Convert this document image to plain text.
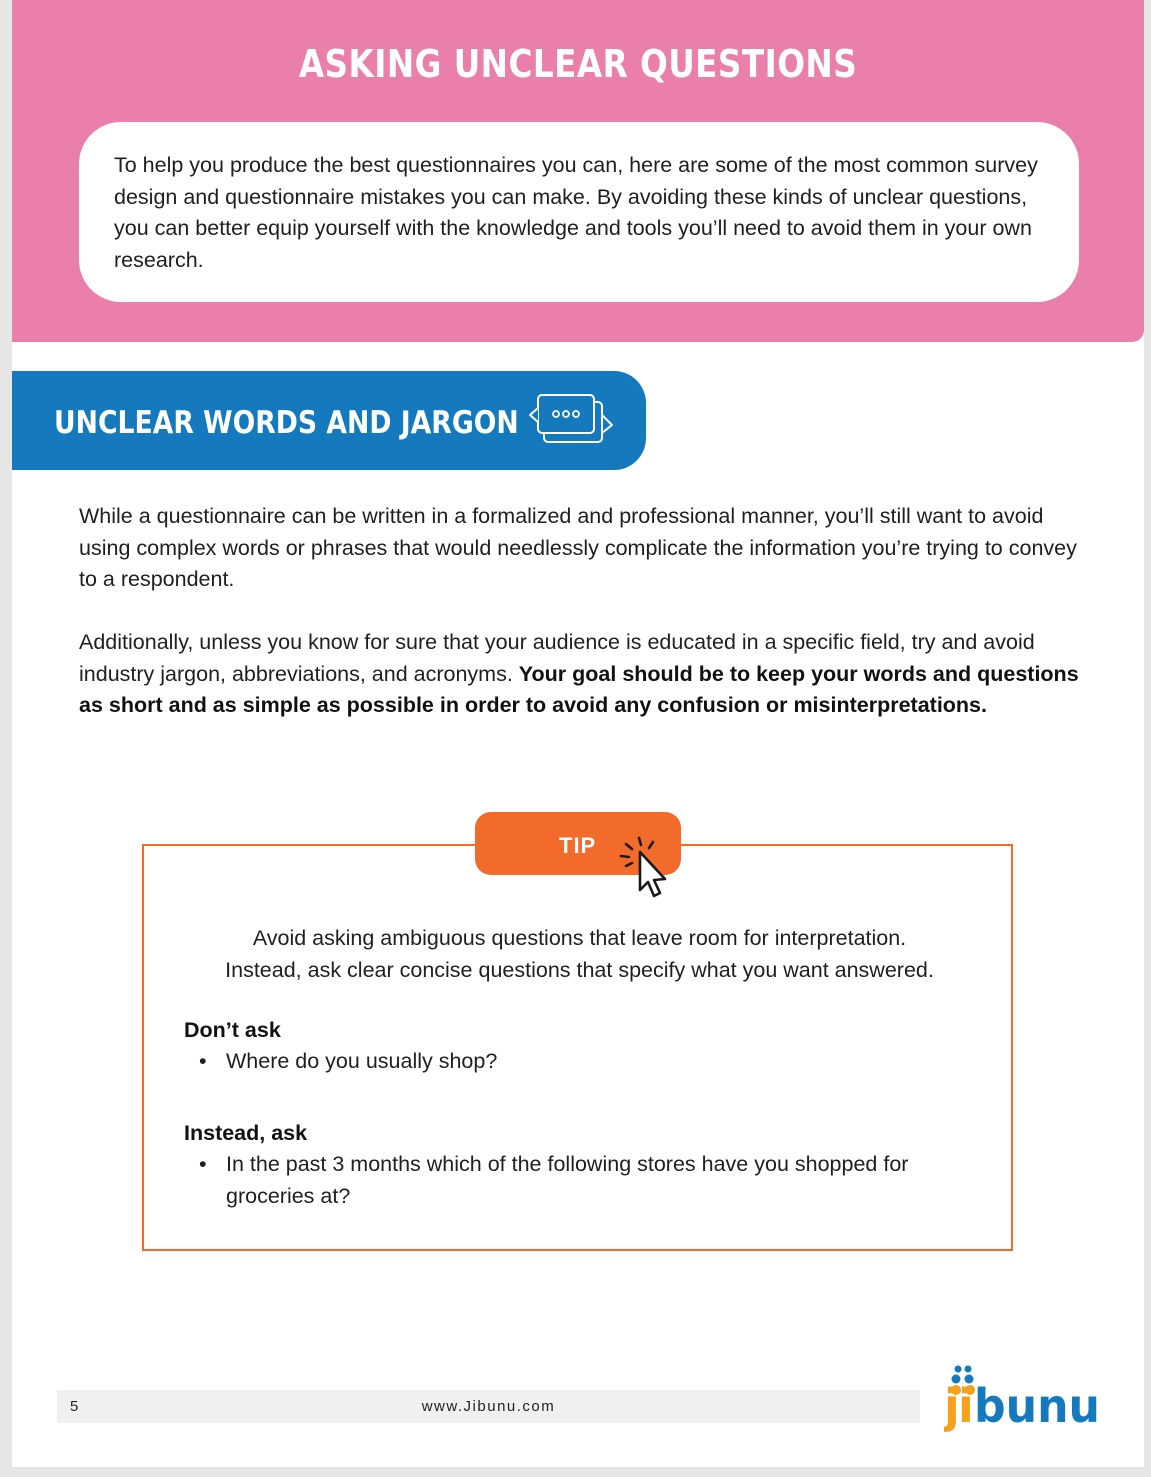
ASKING UNCLEAR QUESTIONS

To help you produce the best questionnaires you can, here are some of the most common survey design and questionnaire mistakes you can make. By avoiding these kinds of unclear questions, you can better equip yourself with the knowledge and tools you’ll need to avoid them in your own research.

UNCLEAR WORDS AND JARGON

While a questionnaire can be written in a formalized and professional manner, you’ll still want to avoid using complex words or phrases that would needlessly complicate the information you’re trying to convey to a respondent.

Additionally, unless you know for sure that your audience is educated in a specific field, try and avoid industry jargon, abbreviations, and acronyms. Your goal should be to keep your words and questions as short and as simple as possible in order to avoid any confusion or misinterpretations.

Avoid asking ambiguous questions that leave room for interpretation.
Instead, ask clear concise questions that specify what you want answered.
Don’t ask
• Where do you usually shop?
Instead, ask
• In the past 3 months which of the following stores have you shopped for groceries at?
TIP
5	www.Jibunu.com	j
i bunu
